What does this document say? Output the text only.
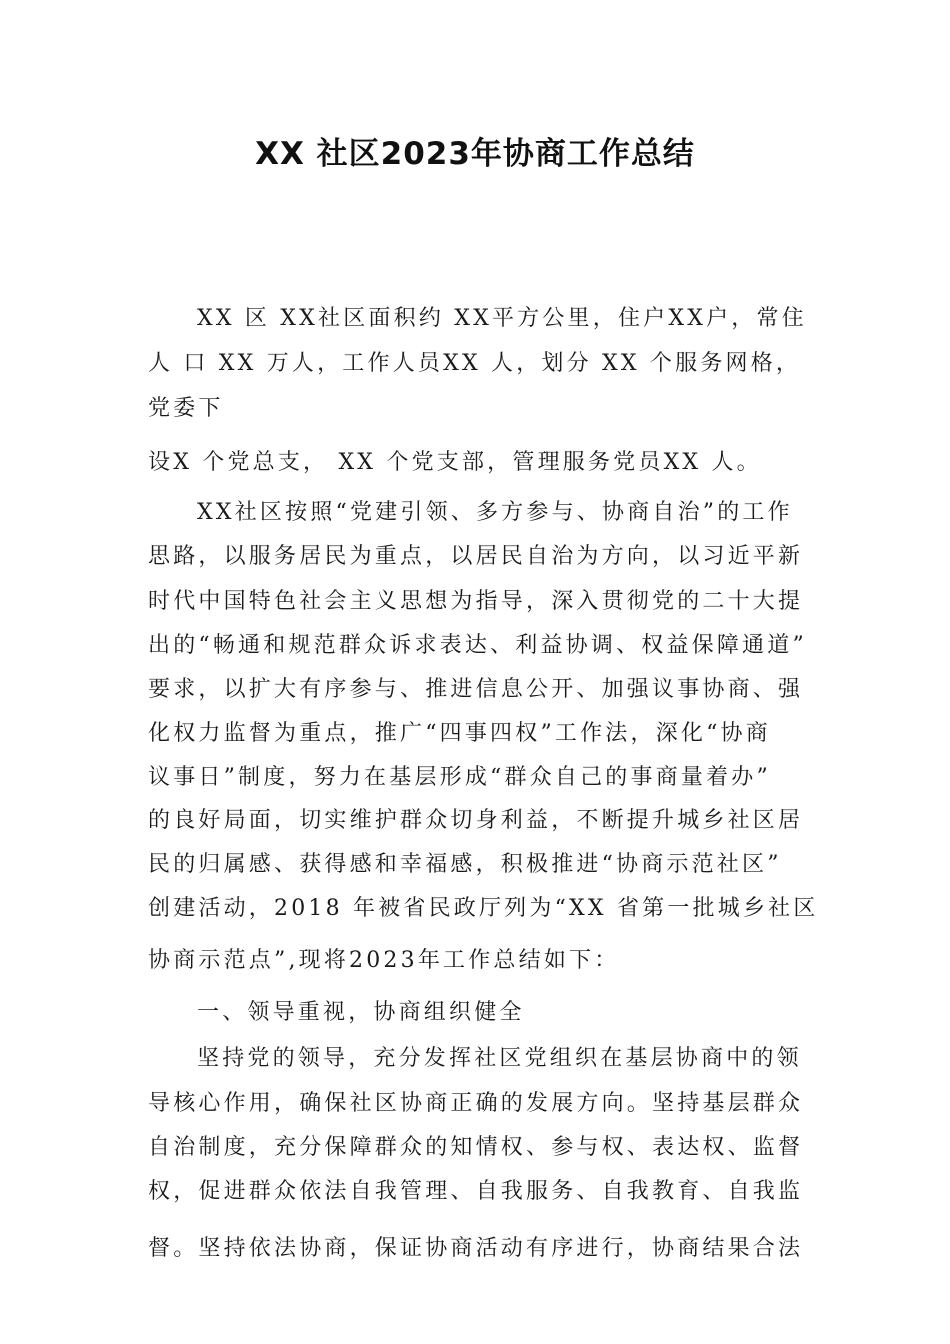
XX 社区2023年协商工作总结

XX 区 XX社区面积约 XX平方公里，住户XX户，常住

人 口 XX 万人，工作人员XX 人，划分 XX 个服务网格，

党委下

设X 个党总支， XX 个党支部，管理服务党员XX 人。

XX社区按照“党建引领、多方参与、协商自治”的工作

思路，以服务居民为重点，以居民自治为方向，以习近平新

时代中国特色社会主义思想为指导，深入贯彻党的二十大提

出的“畅通和规范群众诉求表达、利益协调、权益保障通道”

要求，以扩大有序参与、推进信息公开、加强议事协商、强

化权力监督为重点，推广“四事四权”工作法，深化“协商

议事日”制度，努力在基层形成“群众自己的事商量着办”

的良好局面，切实维护群众切身利益，不断提升城乡社区居

民的归属感、获得感和幸福感，积极推进“协商示范社区”

创建活动，2018 年被省民政厅列为“XX 省第一批城乡社区

协商示范点”,现将2023年工作总结如下：

一、领导重视，协商组织健全

坚持党的领导，充分发挥社区党组织在基层协商中的领

导核心作用，确保社区协商正确的发展方向。坚持基层群众

自治制度，充分保障群众的知情权、参与权、表达权、监督

权，促进群众依法自我管理、自我服务、自我教育、自我监

督。坚持依法协商，保证协商活动有序进行，协商结果合法
